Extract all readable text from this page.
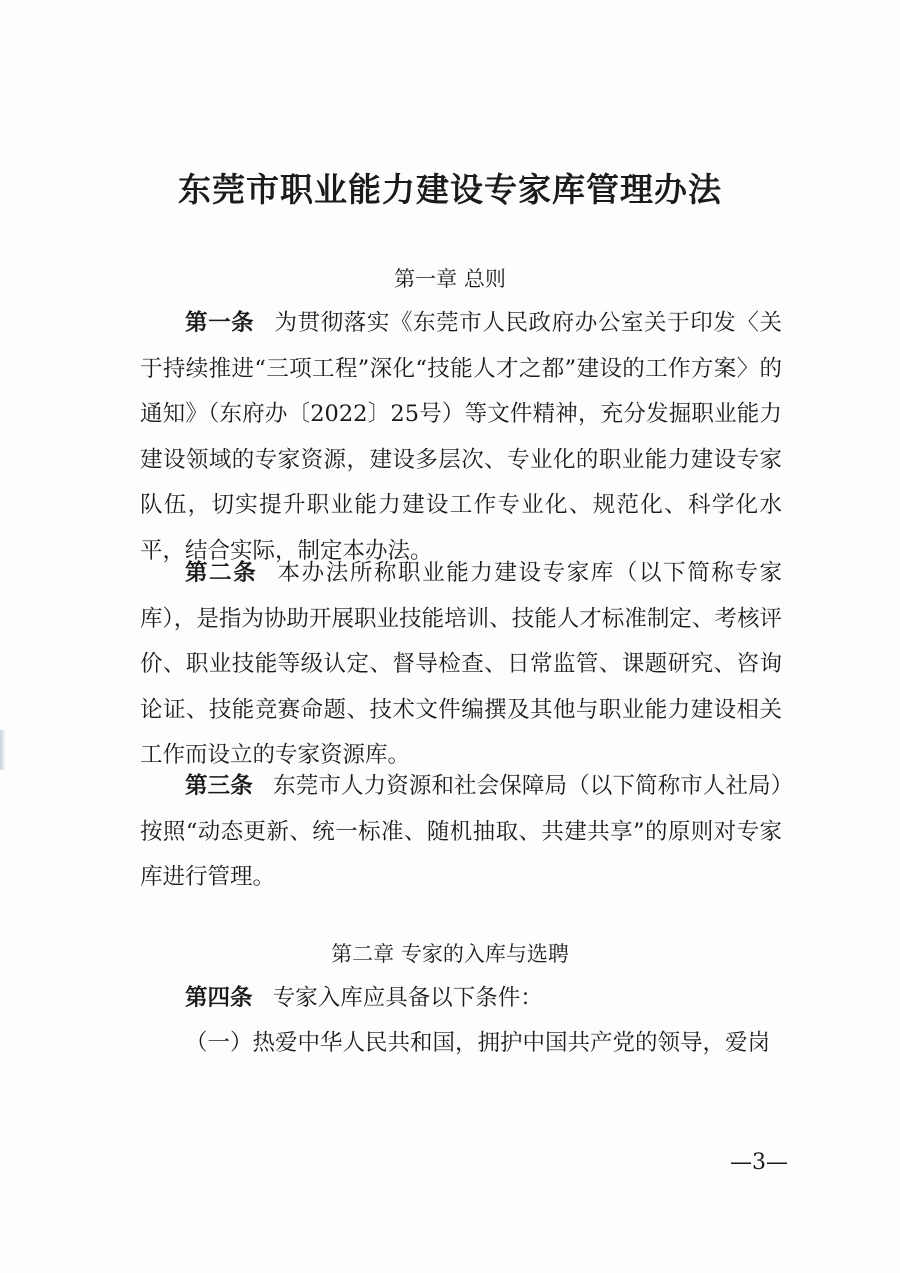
东莞市职业能力建设专家库管理办法
第一章 总则
第一条 为贯彻落实《东莞市人民政府办公室关于印发〈关于持续推进“三项工程”深化“技能人才之都”建设的工作方案〉的通知》（东府办〔2022〕25号）等文件精神，充分发掘职业能力建设领域的专家资源，建设多层次、专业化的职业能力建设专家队伍，切实提升职业能力建设工作专业化、规范化、科学化水平，结合实际，制定本办法。
第二条 本办法所称职业能力建设专家库（以下简称专家库），是指为协助开展职业技能培训、技能人才标准制定、考核评价、职业技能等级认定、督导检查、日常监管、课题研究、咨询论证、技能竞赛命题、技术文件编撰及其他与职业能力建设相关工作而设立的专家资源库。
第三条 东莞市人力资源和社会保障局（以下简称市人社局）按照“动态更新、统一标准、随机抽取、共建共享”的原则对专家库进行管理。
第二章 专家的入库与选聘
第四条 专家入库应具备以下条件：
（一）热爱中华人民共和国，拥护中国共产党的领导，爱岗
—3—
